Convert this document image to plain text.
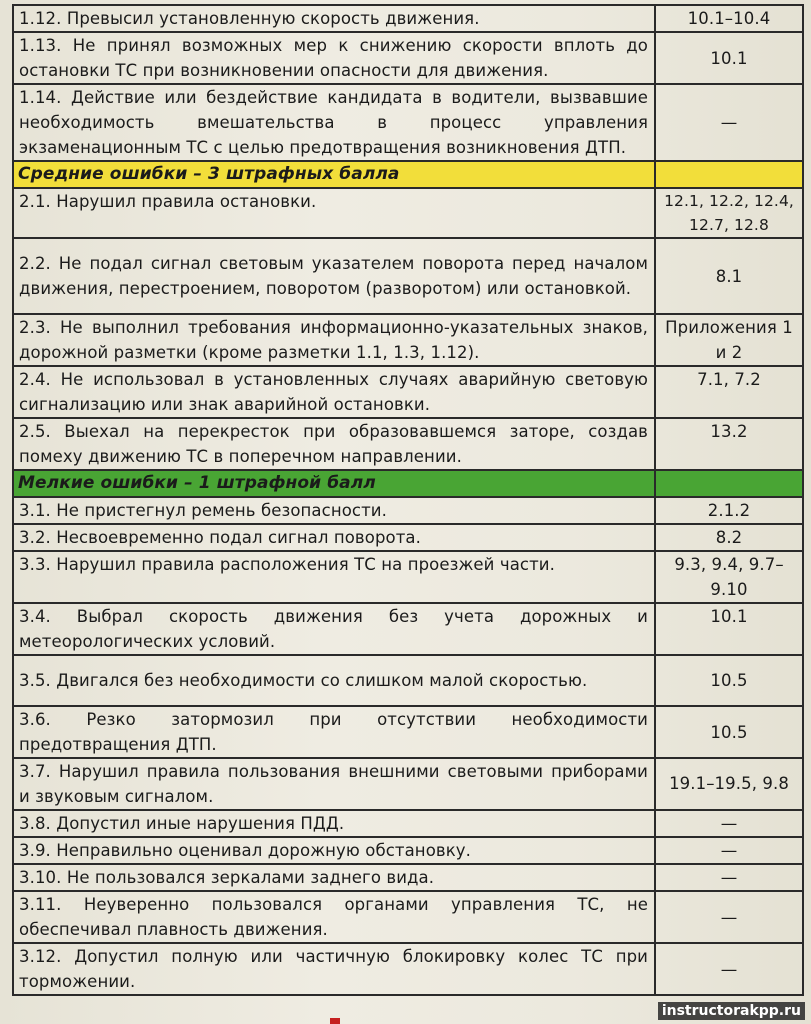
1.12. Превысил установленную скорость движения.	10.1–10.4
1.13. Не принял возможных мер к снижению скорости вплоть до остановки ТС при возникновении опасности для движения.	10.1
1.14. Действие или бездействие кандидата в водители, вызвавшие необходимость вмешательства в процесс управления экзаменационным ТС с целью предотвращения возникновения ДТП.	—
Средние ошибки – 3 штрафных балла	
2.1. Нарушил правила остановки.	12.1, 12.2, 12.4, 12.7, 12.8
2.2. Не подал сигнал световым указателем поворота перед началом движения, перестроением, поворотом (разворотом) или остановкой.	8.1
2.3. Не выполнил требования информационно-указательных знаков, дорожной разметки (кроме разметки 1.1, 1.3, 1.12).	Приложения 1 и 2
2.4. Не использовал в установленных случаях аварийную световую сигнализацию или знак аварийной остановки.	7.1, 7.2
2.5. Выехал на перекресток при образовавшемся заторе, создав помеху движению ТС в поперечном направлении.	13.2
Мелкие ошибки – 1 штрафной балл	
3.1. Не пристегнул ремень безопасности.	2.1.2
3.2. Несвоевременно подал сигнал поворота.	8.2
3.3. Нарушил правила расположения ТС на проезжей части.	9.3, 9.4, 9.7–9.10
3.4. Выбрал скорость движения без учета дорожных и метеорологических условий.	10.1
3.5. Двигался без необходимости со слишком малой скоростью.	10.5
3.6. Резко затормозил при отсутствии необходимости предотвращения ДТП.	10.5
3.7. Нарушил правила пользования внешними световыми приборами и звуковым сигналом.	19.1–19.5, 9.8
3.8. Допустил иные нарушения ПДД.	—
3.9. Неправильно оценивал дорожную обстановку.	—
3.10. Не пользовался зеркалами заднего вида.	—
3.11. Неуверенно пользовался органами управления ТС, не обеспечивал плавность движения.	—
3.12. Допустил полную или частичную блокировку колес ТС при торможении.	—
instructorakpp.ru
